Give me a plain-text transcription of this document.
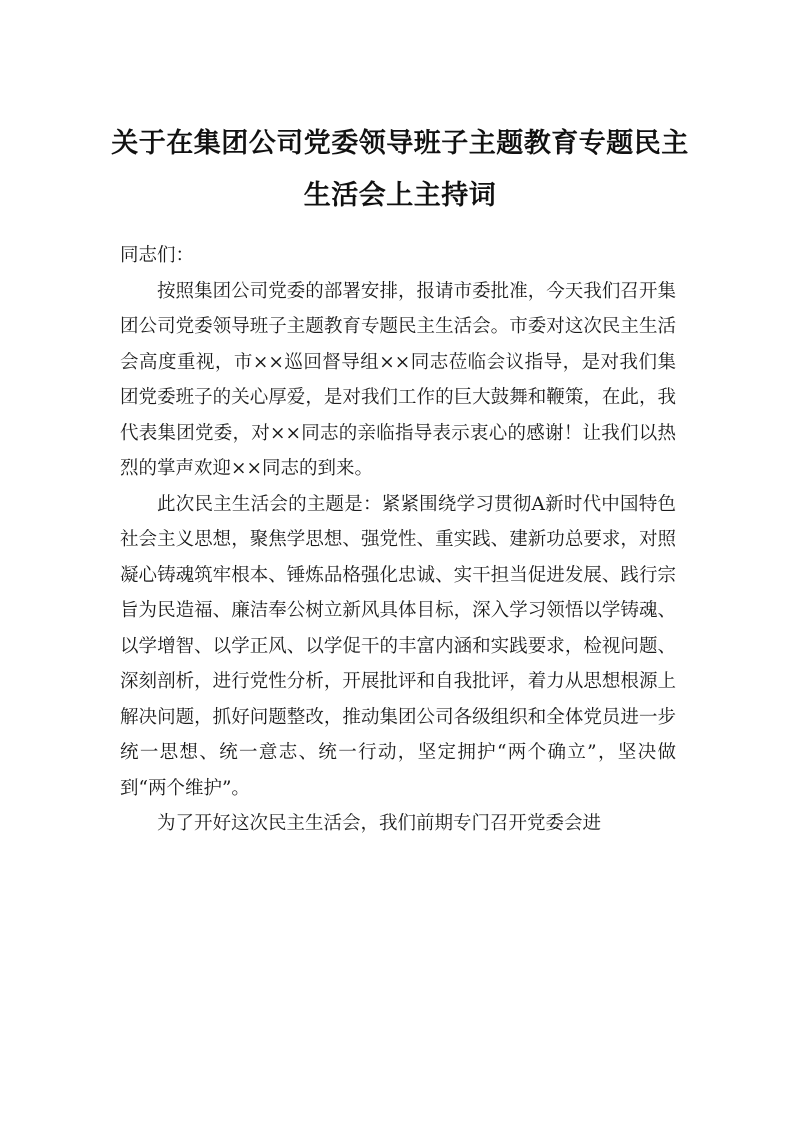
关于在集团公司党委领导班子主题教育专题民主生活会上主持词

同志们：

按照集团公司党委的部署安排，报请市委批准，今天我们召开集团公司党委领导班子主题教育专题民主生活会。市委对这次民主生活会高度重视，市××巡回督导组××同志莅临会议指导，是对我们集团党委班子的关心厚爱，是对我们工作的巨大鼓舞和鞭策，在此，我代表集团党委，对××同志的亲临指导表示衷心的感谢！让我们以热烈的掌声欢迎××同志的到来。

此次民主生活会的主题是：紧紧围绕学习贯彻A新时代中国特色社会主义思想，聚焦学思想、强党性、重实践、建新功总要求，对照凝心铸魂筑牢根本、锤炼品格强化忠诚、实干担当促进发展、践行宗旨为民造福、廉洁奉公树立新风具体目标，深入学习领悟以学铸魂、以学增智、以学正风、以学促干的丰富内涵和实践要求，检视问题、深刻剖析，进行党性分析，开展批评和自我批评，着力从思想根源上解决问题，抓好问题整改，推动集团公司各级组织和全体党员进一步统一思想、统一意志、统一行动，坚定拥护“两个确立”，坚决做到“两个维护”。

为了开好这次民主生活会，我们前期专门召开党委会进
